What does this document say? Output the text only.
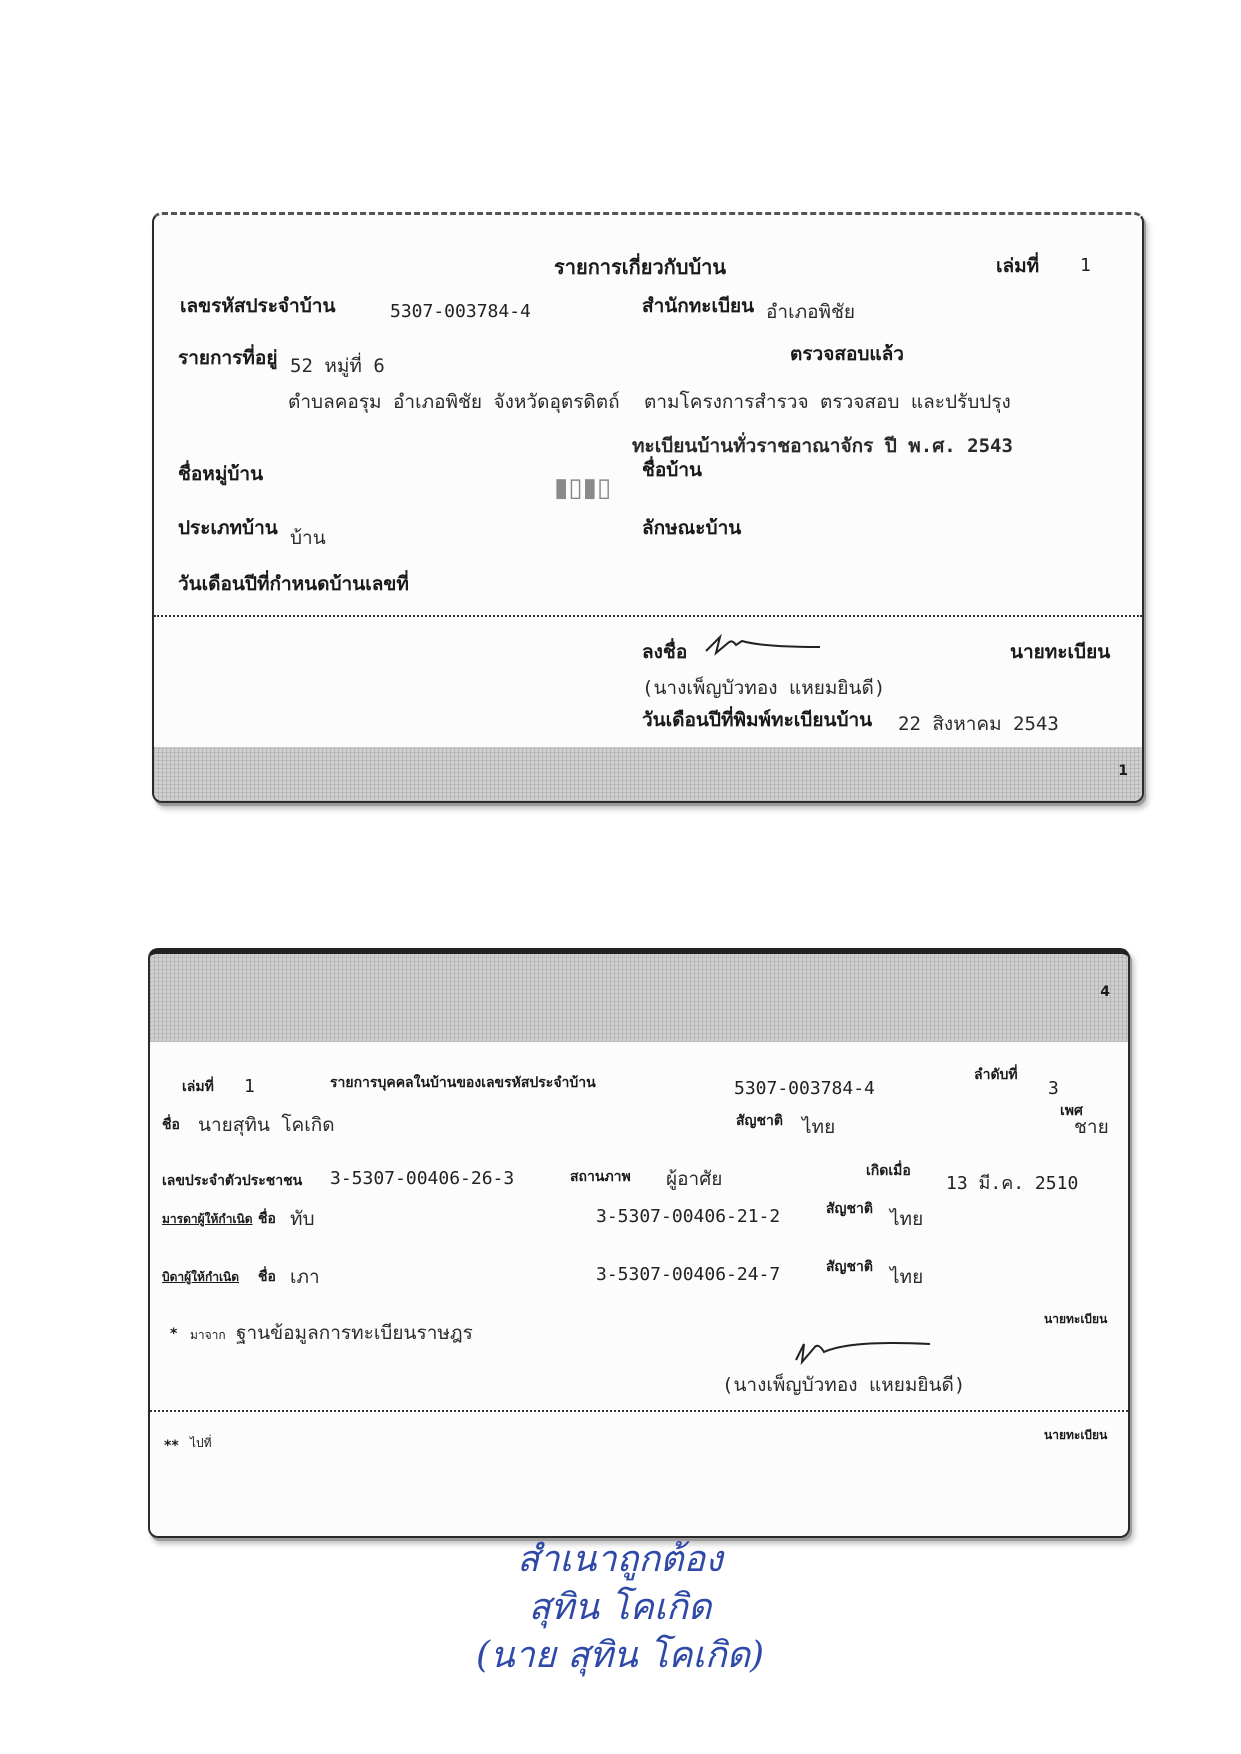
รายการเกี่ยวกับบ้าน	เล่มที่ 1
เลขรหัสประจำบ้าน	5307-003784-4	สำนักทะเบียน อำเภอพิชัย
รายการที่อยู่ 52 หมู่ที่ 6
ตรวจสอบแล้ว
ตำบลคอรุม อำเภอพิชัย จังหวัดอุตรดิตถ์ ตามโครงการสำรวจ ตรวจสอบ และปรับปรุง
ทะเบียนบ้านทั่วราชอาณาจักร ปี พ.ศ. 2543
ชื่อหมู่บ้าน	ชื่อบ้าน
▮▯▮▯
ประเภทบ้าน บ้าน	ลักษณะบ้าน
วันเดือนปีที่กำหนดบ้านเลขที่
ลงชื่อ	นายทะเบียน
(นางเพ็ญบัวทอง แหยมยินดี)
วันเดือนปีที่พิมพ์ทะเบียนบ้าน 22 สิงหาคม 2543
1
4
เล่มที่ 1	รายการบุคคลในบ้านของเลขรหัสประจำบ้าน	5307-003784-4
ลำดับที่
3
ชื่อ นายสุทิน โคเกิด	สัญชาติ ไทย
เพศ
ชาย
เลขประจำตัวประชาชน 3-5307-00406-26-3	สถานภาพ ผู้อาศัย	เกิดเมื่อ
13 มี.ค. 2510
มารดาผู้ให้กำเนิด ชื่อ ทับ	3-5307-00406-21-2	สัญชาติ ไทย
บิดาผู้ให้กำเนิด ชื่อ เภา	3-5307-00406-24-7	สัญชาติ ไทย
* มาจาก ฐานข้อมูลการทะเบียนราษฎร
นายทะเบียน
(นางเพ็ญบัวทอง แหยมยินดี)
** ไปที่
นายทะเบียน
สำเนาถูกต้อง
สุทิน โคเกิด
(นาย สุทิน โคเกิด)
